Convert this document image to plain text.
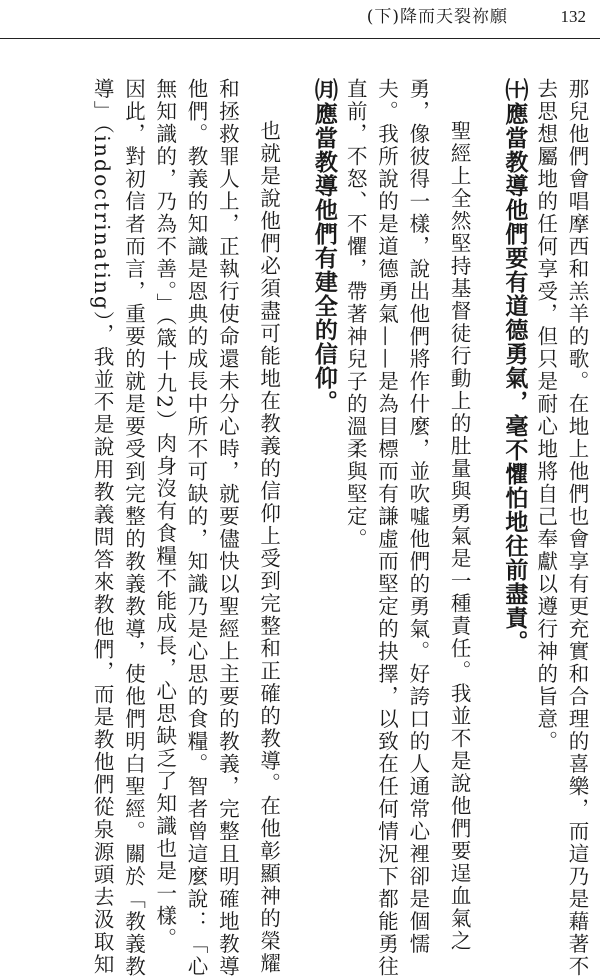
(下)降而天裂祢願	132
那兒他們會唱摩西和羔羊的歌。在地上他們也會享有更充實和合理的喜樂，而這乃是藉著不
去思想屬地的任何享受，但只是耐心地將自己奉獻以遵行神的旨意。
㈩應當教導他們要有道德勇氣，毫不懼怕地往前盡責。
聖經上全然堅持基督徒行動上的肚量與勇氣是一種責任。我並不是說他們要逞血氣之
勇，像彼得一樣，說出他們將作什麼，並吹噓他們的勇氣。好誇口的人通常心裡卻是個懦
夫。我所說的是道德勇氣——是為目標而有謙虛而堅定的抉擇，以致在任何情況下都能勇往
直前，不怒、不懼，帶著神兒子的溫柔與堅定。
㈪應當教導他們有建全的信仰。
也就是說他們必須盡可能地在教義的信仰上受到完整和正確的教導。在他彰顯神的榮耀
和拯救罪人上，正執行使命還未分心時，就要儘快以聖經上主要的教義，完整且明確地教導
他們。教義的知識是恩典的成長中所不可缺的，知識乃是心思的食糧。智者曾這麼說：「心
無知識的，乃為不善。」（箴十九2）肉身沒有食糧不能成長，心思缺乏了知識也是一樣。
因此，對初信者而言，重要的就是要受到完整的教義教導，使他們明白聖經。關於「教義教
導」（indoctrinating），我並不是說用教義問答來教他們，而是教他們從泉源頭去汲取知
